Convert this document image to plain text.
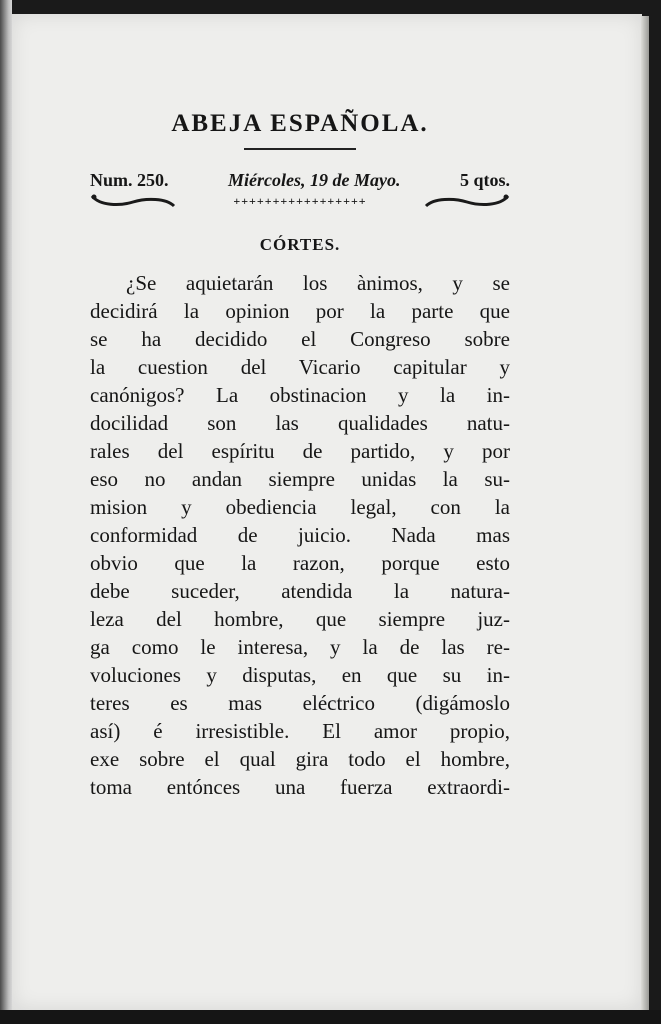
ABEJA ESPAÑOLA.
Num. 250.	Miércoles, 19 de Mayo.	5 qtos.
+++++++++++++++++
CÓRTES.
¿Se aquietarán los ànimos, y se
decidirá la opinion por la parte que
se ha decidido el Congreso sobre
la cuestion del Vicario capitular y
canónigos? La obstinacion y la in-
docilidad son las qualidades natu-
rales del espíritu de partido, y por
eso no andan siempre unidas la su-
mision y obediencia legal, con la
conformidad de juicio. Nada mas
obvio que la razon, porque esto
debe suceder, atendida la natura-
leza del hombre, que siempre juz-
ga como le interesa, y la de las re-
voluciones y disputas, en que su in-
teres es mas eléctrico (digámoslo
así) é irresistible. El amor propio,
exe sobre el qual gira todo el hombre,
toma entónces una fuerza extraordi-
